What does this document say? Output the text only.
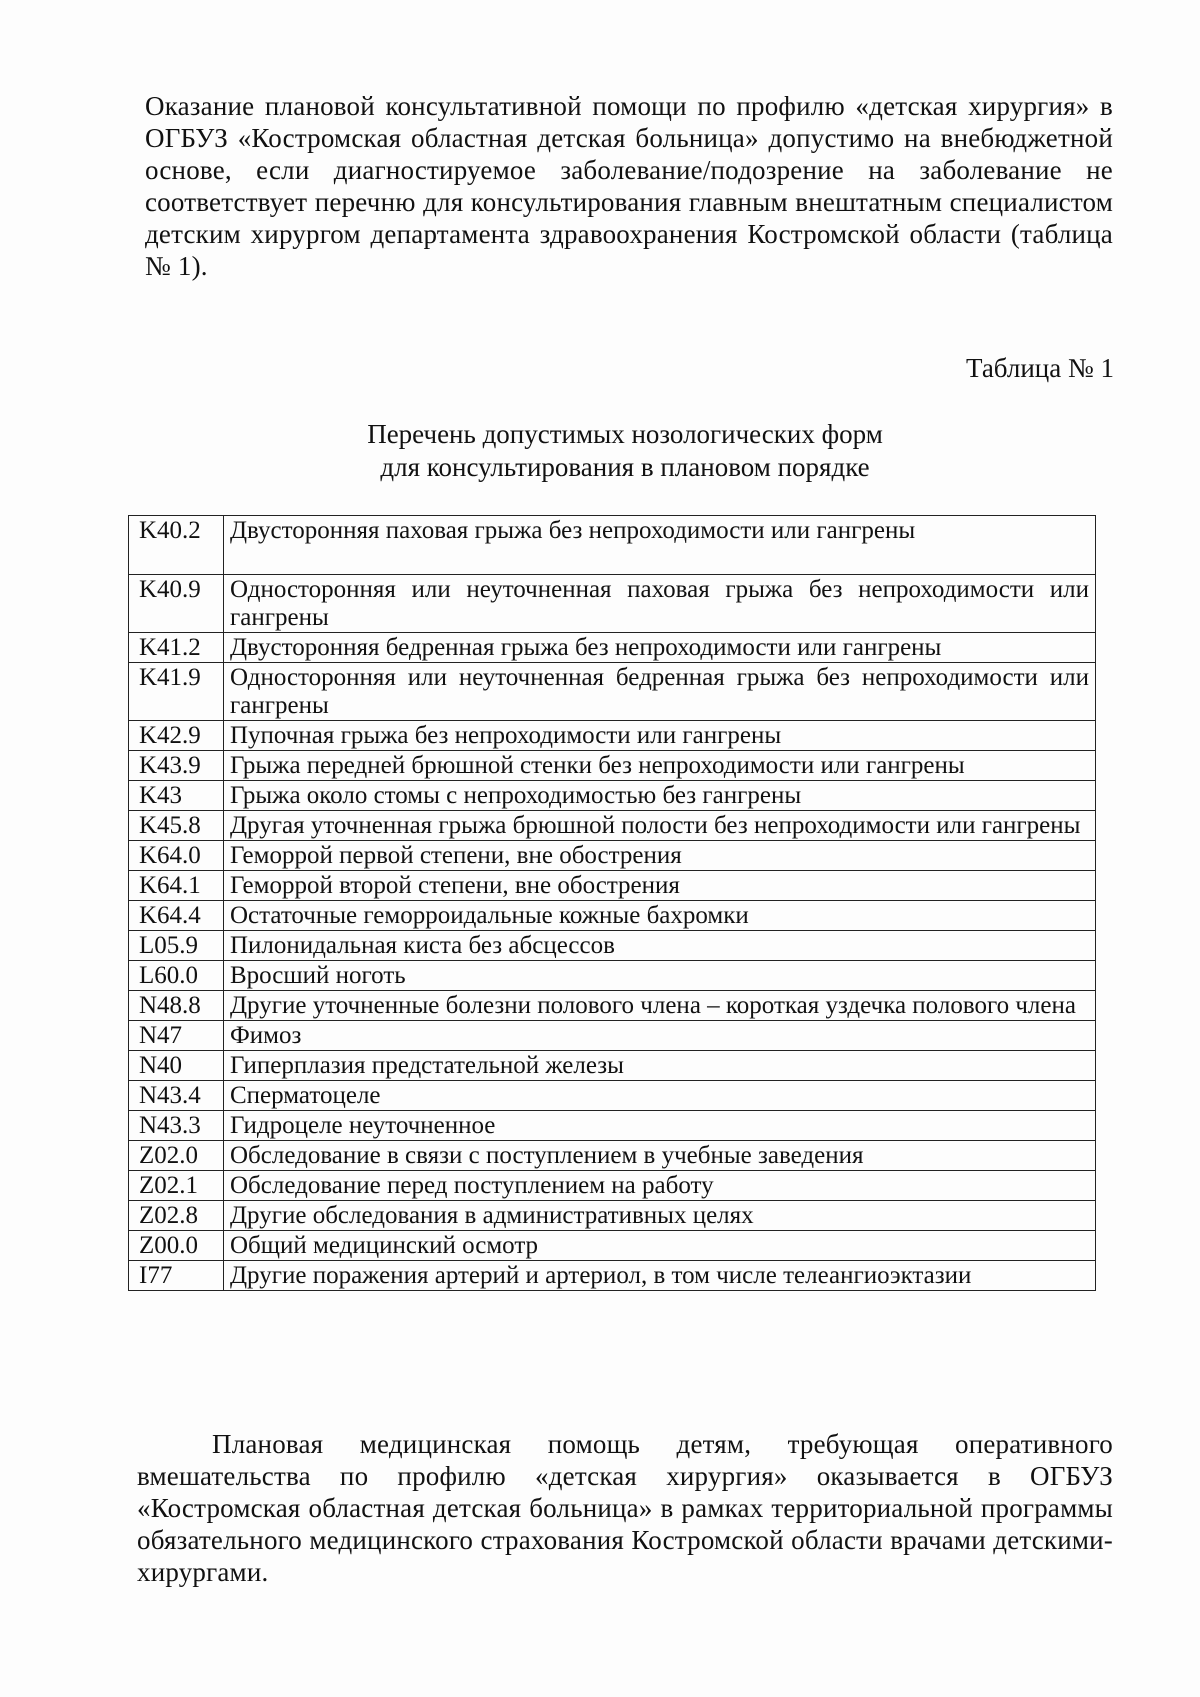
Оказание плановой консультативной помощи по профилю «детская хирургия» в ОГБУЗ «Костромская областная детская больница» допустимо на внебюджетной основе, если диагностируемое заболевание/подозрение на заболевание не соответствует перечню для консультирования главным внештатным специалистом детским хирургом департамента здравоохранения Костромской области (таблица № 1).
Таблица № 1
Перечень допустимых нозологических форм
для консультирования в плановом порядке
K40.2	Двусторонняя паховая грыжа без непроходимости или гангрены
K40.9	Односторонняя или неуточненная паховая грыжа без непроходимости или гангрены
K41.2	Двусторонняя бедренная грыжа без непроходимости или гангрены
K41.9	Односторонняя или неуточненная бедренная грыжа без непроходимости или гангрены
K42.9	Пупочная грыжа без непроходимости или гангрены
K43.9	Грыжа передней брюшной стенки без непроходимости или гангрены
K43	Грыжа около стомы с непроходимостью без гангрены
K45.8	Другая уточненная грыжа брюшной полости без непроходимости или гангрены
K64.0	Геморрой первой степени, вне обострения
K64.1	Геморрой второй степени, вне обострения
K64.4	Остаточные геморроидальные кожные бахромки
L05.9	Пилонидальная киста без абсцессов
L60.0	Вросший ноготь
N48.8	Другие уточненные болезни полового члена – короткая уздечка полового члена
N47	Фимоз
N40	Гиперплазия предстательной железы
N43.4	Сперматоцеле
N43.3	Гидроцеле неуточненное
Z02.0	Обследование в связи с поступлением в учебные заведения
Z02.1	Обследование перед поступлением на работу
Z02.8	Другие обследования в административных целях
Z00.0	Общий медицинский осмотр
I77	Другие поражения артерий и артериол, в том числе телеангиоэктазии
Плановая медицинская помощь детям, требующая оперативного вмешательства по профилю «детская хирургия» оказывается в ОГБУЗ «Костромская областная детская больница» в рамках территориальной программы обязательного медицинского страхования Костромской области врачами детскими-хирургами.
